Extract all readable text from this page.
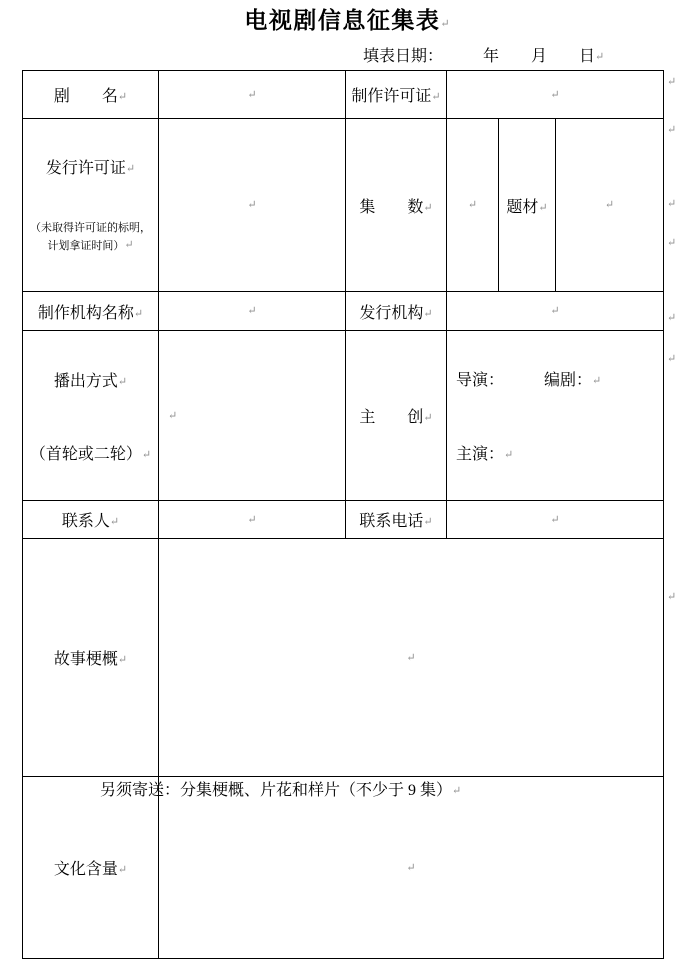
电视剧信息征集表↵
填表日期：　　　年　　月　　日↵
剧　　名↵	↵	制作许可证↵	↵		

发行许可证↵

（未取得许可证的标明，
计划拿证时间）↵	↵	集　　数↵	↵	题材↵	↵
制作机构名称↵	↵	发行机构↵	↵		

播出方式↵

（首轮或二轮）↵

	↵	主　　创↵	

导演：　　　编剧：↵

主演：↵

联系人↵	↵	联系电话↵	↵		
故事梗概↵	↵				
文化含量↵	↵				
↵
↵
↵
↵
↵
↵
↵
另须寄送：分集梗概、片花和样片（不少于 9 集）↵
